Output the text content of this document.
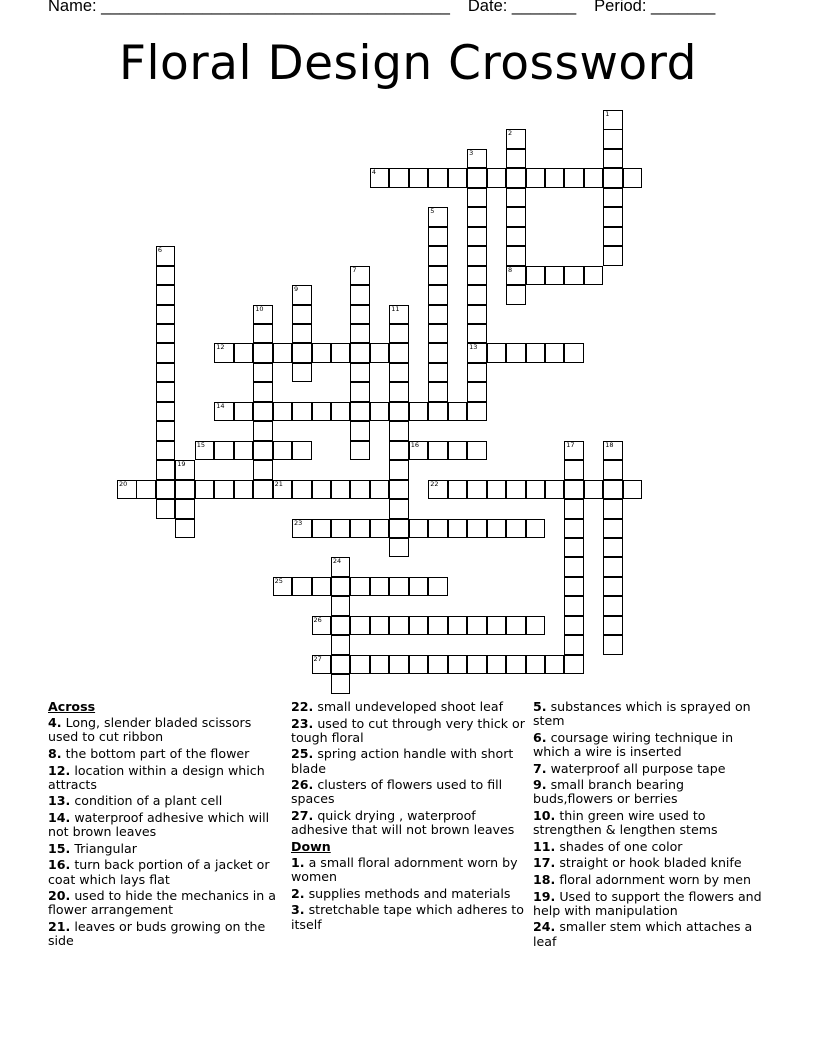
Name: ______________________________________ Date: _______ Period: _______
Floral Design Crossword
1
2
8
3
13
4
5
6
7
9
10	11
12
14
15	16	17	18
19
20	21	22
23
24
25
26
27
Across
4. Long, slender bladed scissors used to cut ribbon
8. the bottom part of the flower
12. location within a design which attracts
13. condition of a plant cell
14. waterproof adhesive which will not brown leaves
15. Triangular
16. turn back portion of a jacket or coat which lays flat
20. used to hide the mechanics in a flower arrangement
21. leaves or buds growing on the side
22. small undeveloped shoot leaf
23. used to cut through very thick or tough floral
25. spring action handle with short blade
26. clusters of flowers used to fill spaces
27. quick drying , waterproof adhesive that will not brown leaves
Down
1. a small floral adornment worn by women
2. supplies methods and materials
3. stretchable tape which adheres to itself
5. substances which is sprayed on stem
6. coursage wiring technique in which a wire is inserted
7. waterproof all purpose tape
9. small branch bearing buds,flowers or berries
10. thin green wire used to strengthen & lengthen stems
11. shades of one color
17. straight or hook bladed knife
18. floral adornment worn by men
19. Used to support the flowers and help with manipulation
24. smaller stem which attaches a leaf
